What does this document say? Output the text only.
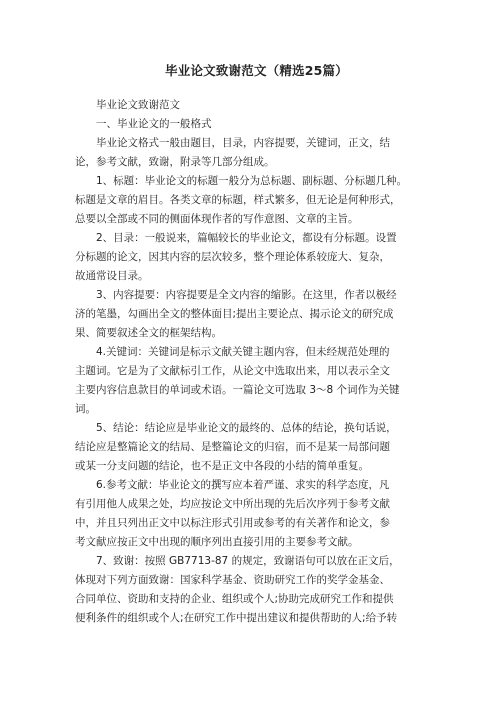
毕业论文致谢范文（精选25篇）
毕业论文致谢范文
一、毕业论文的一般格式
毕业论文格式一般由题目，目录，内容提要，关键词，正文，结
论，参考文献，致谢，附录等几部分组成。
1、标题：毕业论文的标题一般分为总标题、副标题、分标题几种。
标题是文章的眉目。各类文章的标题，样式繁多，但无论是何种形式，
总要以全部或不同的侧面体现作者的写作意图、文章的主旨。
2、目录：一般说来，篇幅较长的毕业论文，都设有分标题。设置
分标题的论文，因其内容的层次较多，整个理论体系较庞大、复杂，
故通常设目录。
3、内容提要：内容提要是全文内容的缩影。在这里，作者以极经
济的笔墨，勾画出全文的整体面目;提出主要论点、揭示论文的研究成
果、简要叙述全文的框架结构。
4.关键词：关键词是标示文献关键主题内容，但未经规范处理的
主题词。它是为了文献标引工作，从论文中选取出来，用以表示全文
主要内容信息款目的单词或术语。一篇论文可选取 3～8 个词作为关键
词。
5、结论：结论应是毕业论文的最终的、总体的结论，换句话说，
结论应是整篇论文的结局、是整篇论文的归宿，而不是某一局部问题
或某一分支问题的结论，也不是正文中各段的小结的简单重复。
6.参考文献：毕业论文的撰写应本着严谨、求实的科学态度，凡
有引用他人成果之处，均应按论文中所出现的先后次序列于参考文献
中，并且只列出正文中以标注形式引用或参考的有关著作和论文，参
考文献应按正文中出现的顺序列出直接引用的主要参考文献。
7、致谢：按照 GB7713-87 的规定，致谢语句可以放在正文后，
体现对下列方面致谢：国家科学基金、资助研究工作的奖学金基金、
合同单位、资助和支持的企业、组织或个人;协助完成研究工作和提供
便利条件的组织或个人;在研究工作中提出建议和提供帮助的人;给予转
